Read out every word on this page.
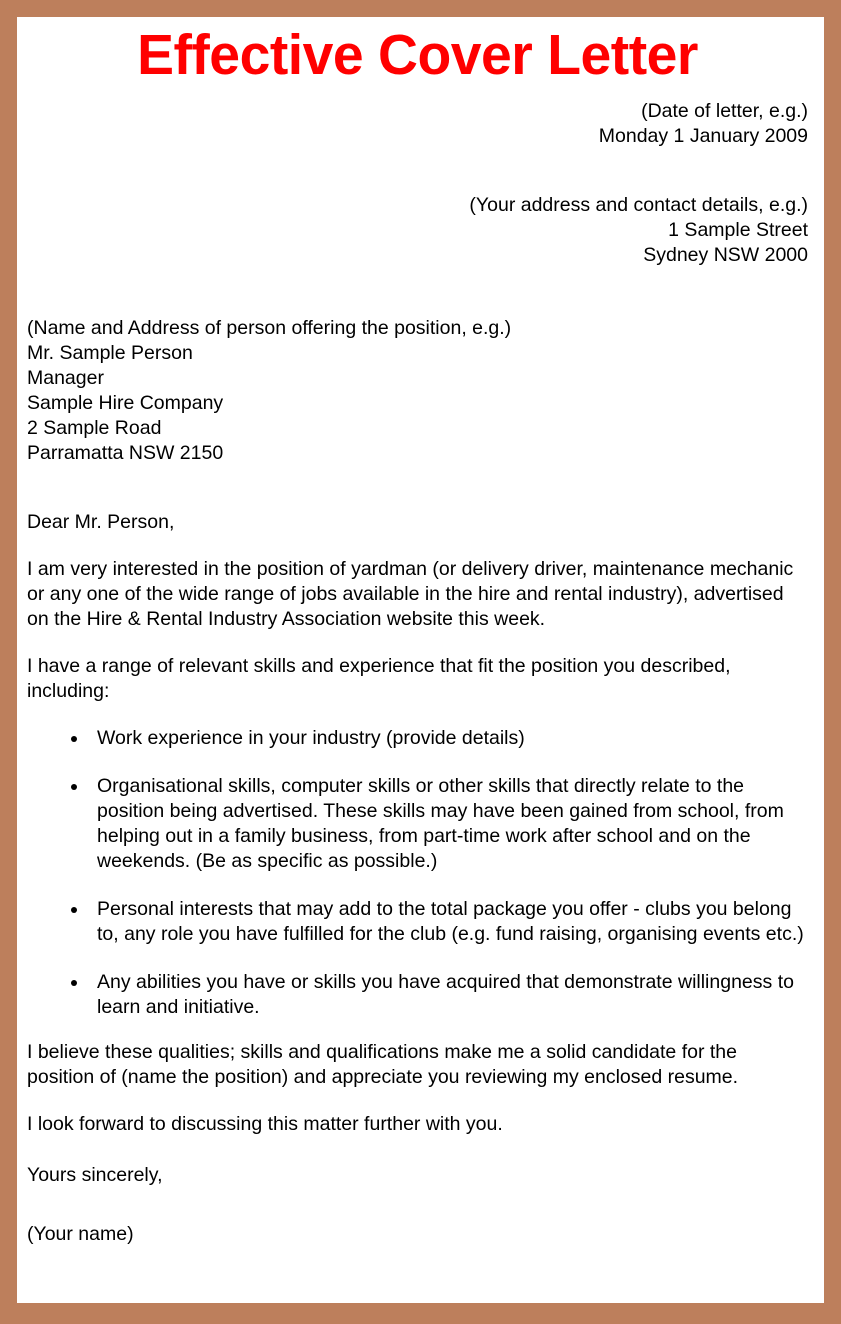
Effective Cover Letter
(Date of letter, e.g.)
Monday 1 January 2009
(Your address and contact details, e.g.)
1 Sample Street
Sydney NSW 2000
(Name and Address of person offering the position, e.g.)
Mr. Sample Person
Manager
Sample Hire Company
2 Sample Road
Parramatta NSW 2150
Dear Mr. Person,
I am very interested in the position of yardman (or delivery driver, maintenance mechanic or any one of the wide range of jobs available in the hire and rental industry), advertised on the Hire & Rental Industry Association website this week.
I have a range of relevant skills and experience that fit the position you described, including:
Work experience in your industry (provide details)
Organisational skills, computer skills or other skills that directly relate to the position being advertised. These skills may have been gained from school, from helping out in a family business, from part-time work after school and on the weekends. (Be as specific as possible.)
Personal interests that may add to the total package you offer - clubs you belong to, any role you have fulfilled for the club (e.g. fund raising, organising events etc.)
Any abilities you have or skills you have acquired that demonstrate willingness to learn and initiative.
I believe these qualities; skills and qualifications make me a solid candidate for the position of (name the position) and appreciate you reviewing my enclosed resume.
I look forward to discussing this matter further with you.
Yours sincerely,
(Your name)
